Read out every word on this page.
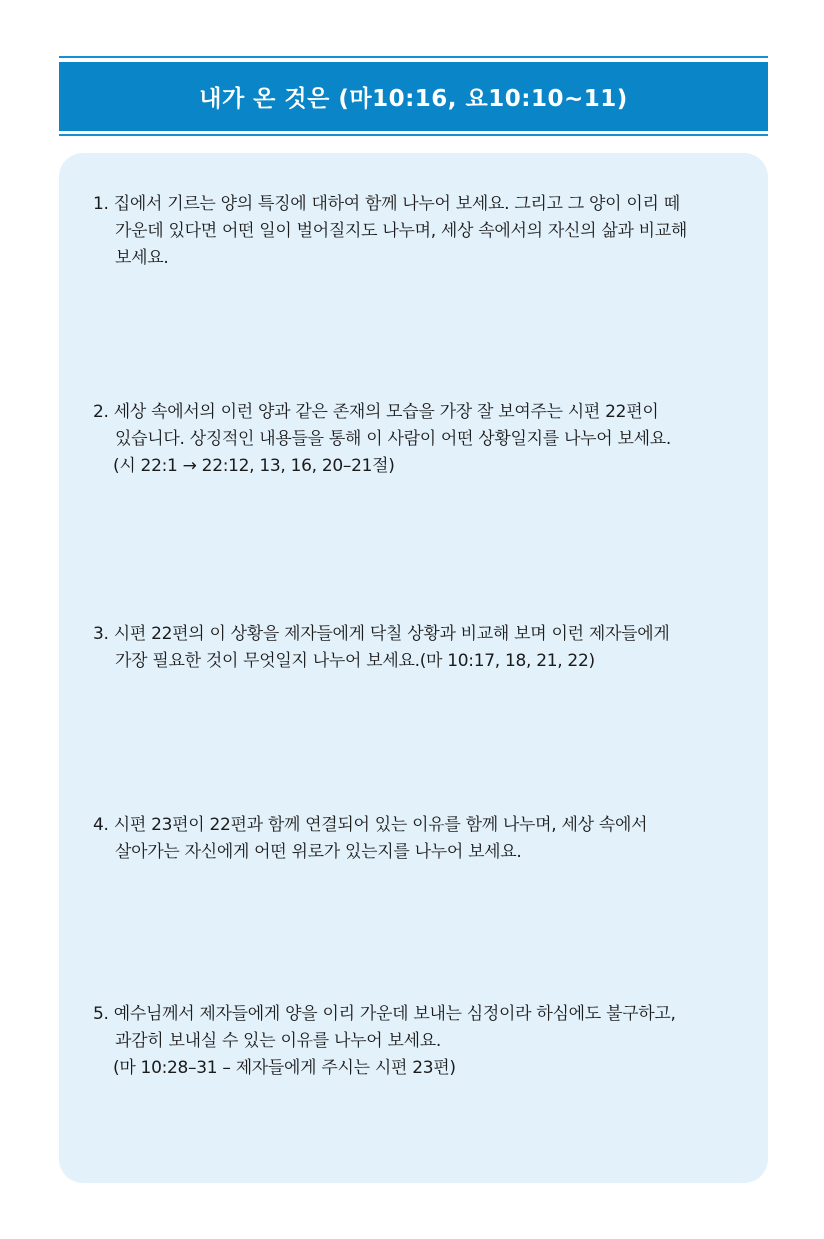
내가 온 것은 (마10:16, 요10:10~11)
1. 집에서 기르는 양의 특징에 대하여 함께 나누어 보세요. 그리고 그 양이 이리 떼
가운데 있다면 어떤 일이 벌어질지도 나누며, 세상 속에서의 자신의 삶과 비교해
보세요.
2. 세상 속에서의 이런 양과 같은 존재의 모습을 가장 잘 보여주는 시편 22편이
있습니다. 상징적인 내용들을 통해 이 사람이 어떤 상황일지를 나누어 보세요.
(시 22:1 → 22:12, 13, 16, 20–21절)
3. 시편 22편의 이 상황을 제자들에게 닥칠 상황과 비교해 보며 이런 제자들에게
가장 필요한 것이 무엇일지 나누어 보세요.(마 10:17, 18, 21, 22)
4. 시편 23편이 22편과 함께 연결되어 있는 이유를 함께 나누며, 세상 속에서
살아가는 자신에게 어떤 위로가 있는지를 나누어 보세요.
5. 예수님께서 제자들에게 양을 이리 가운데 보내는 심정이라 하심에도 불구하고,
과감히 보내실 수 있는 이유를 나누어 보세요.
(마 10:28–31 – 제자들에게 주시는 시편 23편)
